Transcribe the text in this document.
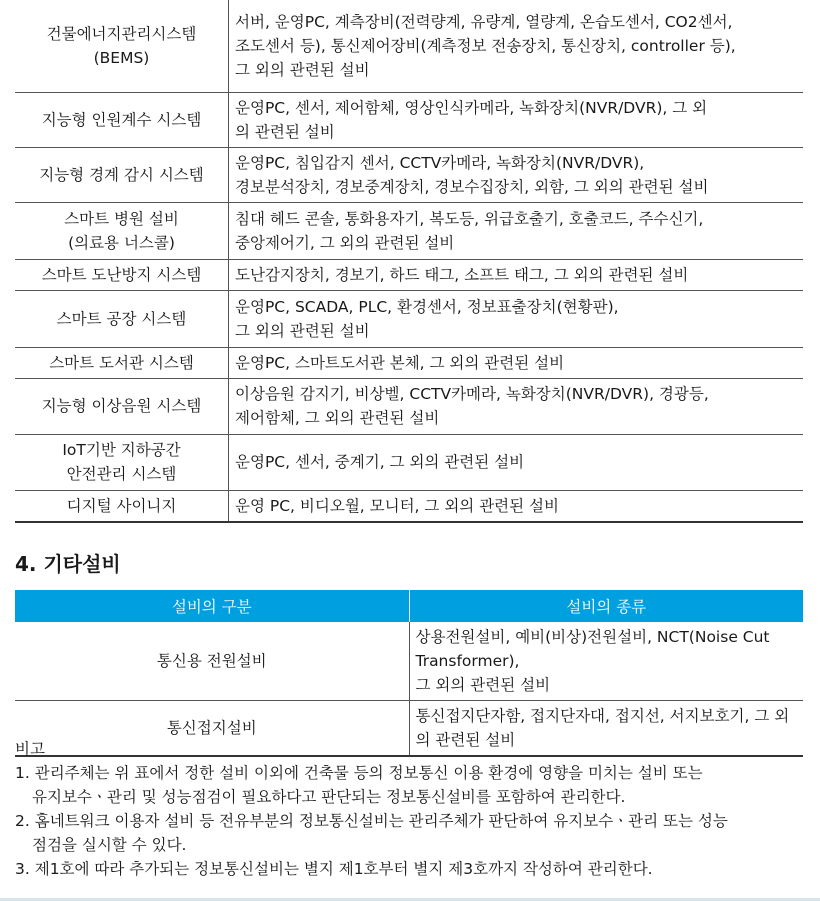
건물에너지관리시스템
(BEMS)	서버, 운영PC, 계측장비(전력량계, 유량계, 열량계, 온습도센서, CO2센서,
조도센서 등), 통신제어장비(계측정보 전송장치, 통신장치, controller 등),
그 외의 관련된 설비
지능형 인원계수 시스템	운영PC, 센서, 제어함체, 영상인식카메라, 녹화장치(NVR/DVR), 그 외
의 관련된 설비
지능형 경계 감시 시스템	운영PC, 침입감지 센서, CCTV카메라, 녹화장치(NVR/DVR),
경보분석장치, 경보중계장치, 경보수집장치, 외함, 그 외의 관련된 설비
스마트 병원 설비
(의료용 너스콜)	침대 헤드 콘솔, 통화용자기, 복도등, 위급호출기, 호출코드, 주수신기,
중앙제어기, 그 외의 관련된 설비
스마트 도난방지 시스템	도난감지장치, 경보기, 하드 태그, 소프트 태그, 그 외의 관련된 설비
스마트 공장 시스템	운영PC, SCADA, PLC, 환경센서, 정보표출장치(현황판),
그 외의 관련된 설비
스마트 도서관 시스템	운영PC, 스마트도서관 본체, 그 외의 관련된 설비
지능형 이상음원 시스템	이상음원 감지기, 비상벨, CCTV카메라, 녹화장치(NVR/DVR), 경광등,
제어함체, 그 외의 관련된 설비
IoT기반 지하공간
안전관리 시스템	운영PC, 센서, 중계기, 그 외의 관련된 설비
디지털 사이니지	운영 PC, 비디오월, 모니터, 그 외의 관련된 설비
4. 기타설비
설비의 구분	설비의 종류
통신용 전원설비	상용전원설비, 예비(비상)전원설비, NCT(Noise Cut Transformer),
그 외의 관련된 설비
통신접지설비	통신접지단자함, 접지단자대, 접지선, 서지보호기, 그 외의 관련된 설비

비고

1. 관리주체는 위 표에서 정한 설비 이외에 건축물 등의 정보통신 이용 환경에 영향을 미치는 설비 또는
유지보수ㆍ관리 및 성능점검이 필요하다고 판단되는 정보통신설비를 포함하여 관리한다.

2. 홈네트워크 이용자 설비 등 전유부분의 정보통신설비는 관리주체가 판단하여 유지보수ㆍ관리 또는 성능
점검을 실시할 수 있다.

3. 제1호에 따라 추가되는 정보통신설비는 별지 제1호부터 별지 제3호까지 작성하여 관리한다.
